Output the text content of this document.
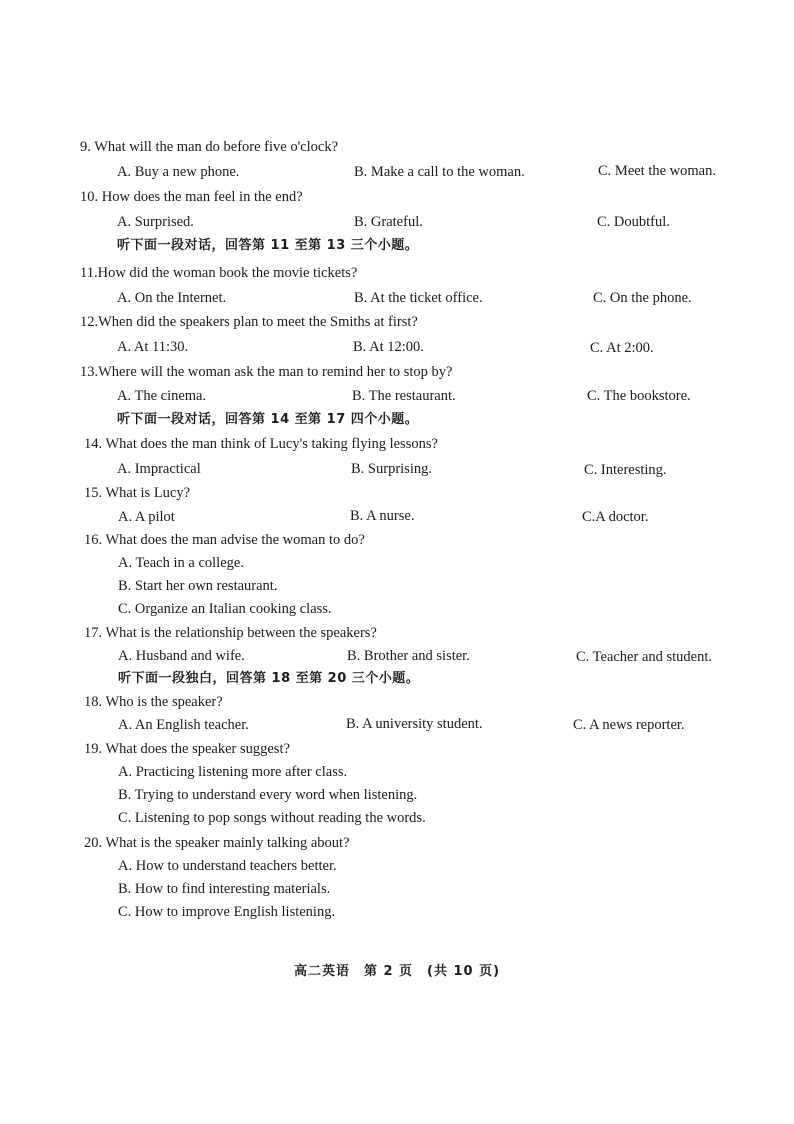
9. What will the man do before five o'clock?
A. Buy a new phone.	B. Make a call to the woman.	C. Meet the woman.
10. How does the man feel in the end?
A. Surprised.	B. Grateful.	C. Doubtful.
听下面一段对话，回答第 11 至第 13 三个小题。
11.How did the woman book the movie tickets?
A. On the Internet.	B. At the ticket office.	C. On the phone.
12.When did the speakers plan to meet the Smiths at first?
A. At 11:30.	B. At 12:00.	C. At 2:00.
13.Where will the woman ask the man to remind her to stop by?
A. The cinema.	B. The restaurant.	C. The bookstore.
听下面一段对话，回答第 14 至第 17 四个小题。
14. What does the man think of Lucy's taking flying lessons?
A. Impractical	B. Surprising.	C. Interesting.
15. What is Lucy?
A. A pilot	B. A nurse.	C.A doctor.
16. What does the man advise the woman to do?
A. Teach in a college.
B. Start her own restaurant.
C. Organize an Italian cooking class.
17. What is the relationship between the speakers?
A. Husband and wife.	B. Brother and sister.	C. Teacher and student.
听下面一段独白，回答第 18 至第 20 三个小题。
18. Who is the speaker?
A. An English teacher.	B. A university student.	C. A news reporter.
19. What does the speaker suggest?
A. Practicing listening more after class.
B. Trying to understand every word when listening.
C. Listening to pop songs without reading the words.
20. What is the speaker mainly talking about?
A. How to understand teachers better.
B. How to find interesting materials.
C. How to improve English listening.
高二英语　第 2 页　(共 10 页)
